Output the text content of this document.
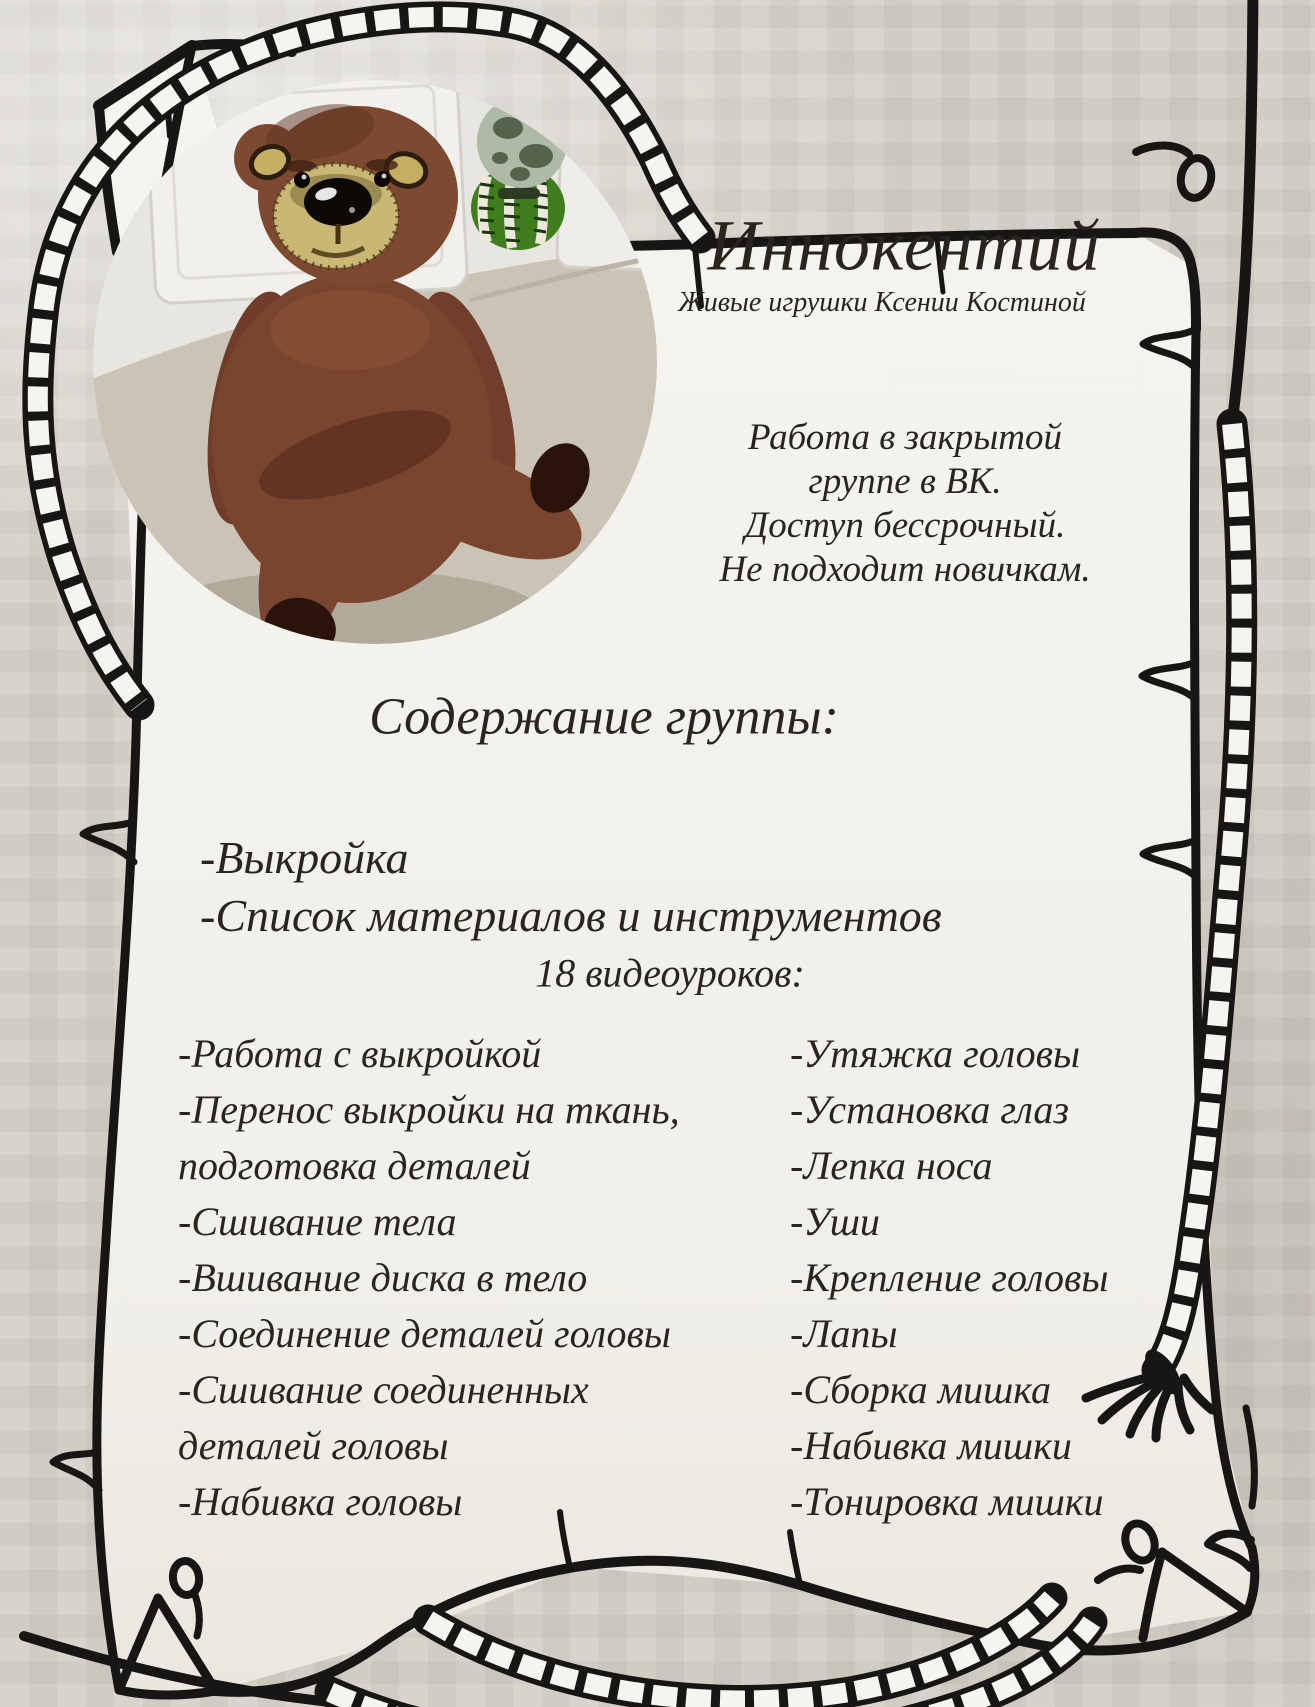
Иннокентий
Живые игрушки Ксении Костиной
Работа в закрытой
группе в ВК.
Доступ бессрочный.
Не подходит новичкам.
Содержание группы:
-Выкройка
-Список материалов и инструментов
18 видеоуроков:
-Работа с выкройкой
-Перенос выкройки на ткань, подготовка деталей
-Сшивание тела
-Вшивание диска в тело
-Соединение деталей головы
-Сшивание соединенных деталей головы
-Набивка головы
-Утяжка головы
-Установка глаз
-Лепка носа
-Уши
-Крепление головы
-Лапы
-Сборка мишка
-Набивка мишки
-Тонировка мишки
